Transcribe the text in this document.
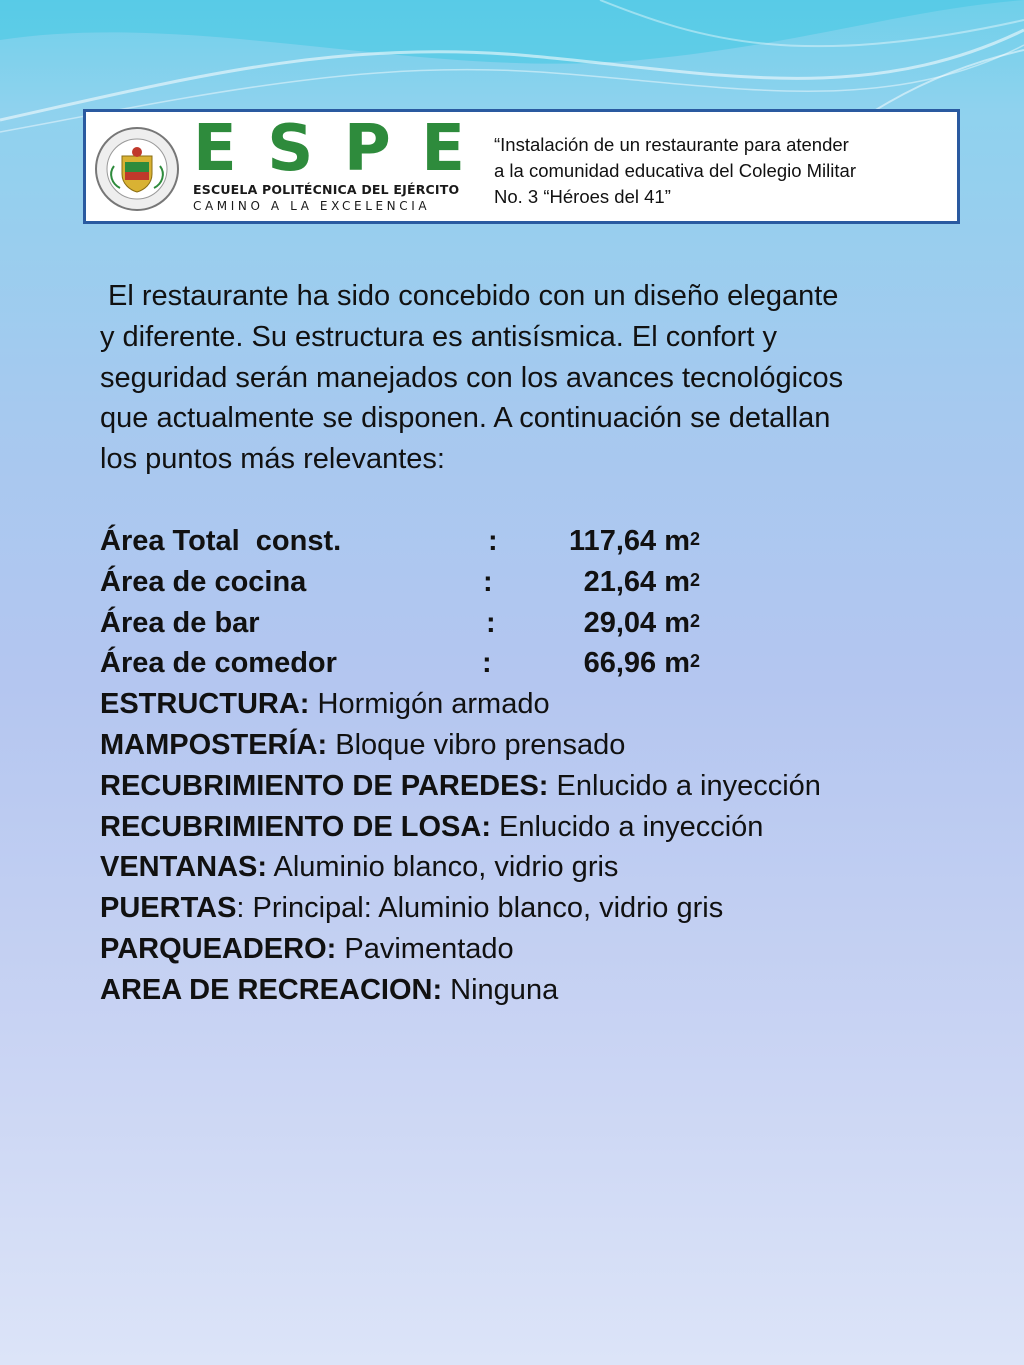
E S P E
ESCUELA POLITÉCNICA DEL EJÉRCITO
CAMINO A LA EXCELENCIA
“Instalación de un restaurante para atender
a la comunidad educativa del Colegio Militar
No. 3 “Héroes del 41”
El restaurante ha sido concebido con un diseño elegante
y diferente. Su estructura es antisísmica. El confort y
seguridad serán manejados con los avances tecnológicos
que actualmente se disponen. A continuación se detallan
los puntos más relevantes:
Área Total  const.	: 117,64 $m^2$
Área de cocina	:	21,64 $m^2$
Área de bar	:	29,04 $m^2$
Área de comedor	:	66,96 $m^2$
ESTRUCTURA: Hormigón armado
MAMPOSTERÍA: Bloque vibro prensado
RECUBRIMIENTO DE PAREDES: Enlucido a inyección
RECUBRIMIENTO DE LOSA: Enlucido a inyección
VENTANAS: Aluminio blanco, vidrio gris
PUERTAS: Principal: Aluminio blanco, vidrio gris
PARQUEADERO: Pavimentado
AREA DE RECREACION: Ninguna
